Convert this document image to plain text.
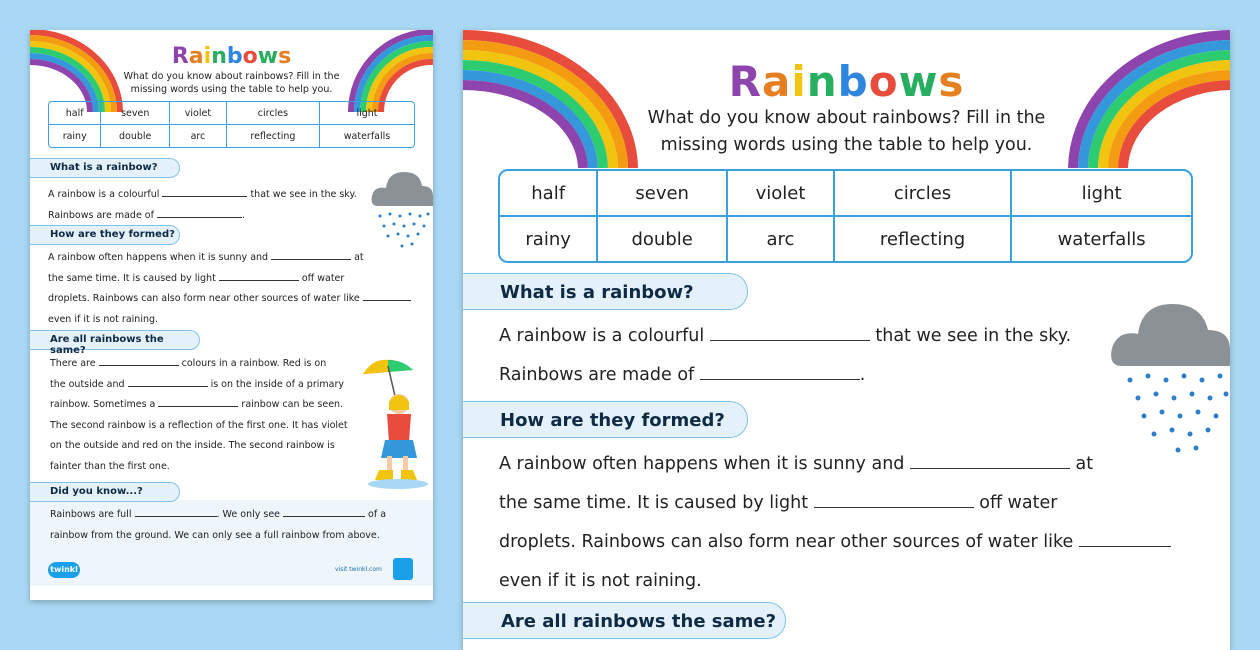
Rainbows

What do you know about rainbows? Fill in the
missing words using the table to help you.

half	seven	violet	circles	light
rainy	double	arc	reflecting	waterfalls
What is a rainbow?
A rainbow is a colourful	that we see in the sky.
Rainbows are made of	.
How are they formed?
A rainbow often happens when it is sunny and	at
the same time. It is caused by light	off water
droplets. Rainbows can also form near other sources of water like
even if it is not raining.
Are all rainbows the same?
There are	colours in a rainbow. Red is on
the outside and	is on the inside of a primary
rainbow. Sometimes a	rainbow can be seen.
The second rainbow is a reflection of the first one. It has violet
on the outside and red on the inside. The second rainbow is
fainter than the first one.
Did you know...?
Rainbows are full	. We only see	of a
rainbow from the ground. We can only see a full rainbow from above.
twinkl	visit twinkl.com
Rainbows

What do you know about rainbows? Fill in the
missing words using the table to help you.

half	seven	violet	circles	light
rainy	double	arc	reflecting	waterfalls
What is a rainbow?
A rainbow is a colourful	that we see in the sky.
Rainbows are made of	.
How are they formed?
A rainbow often happens when it is sunny and	at
the same time. It is caused by light	off water
droplets. Rainbows can also form near other sources of water like
even if it is not raining.
Are all rainbows the same?
